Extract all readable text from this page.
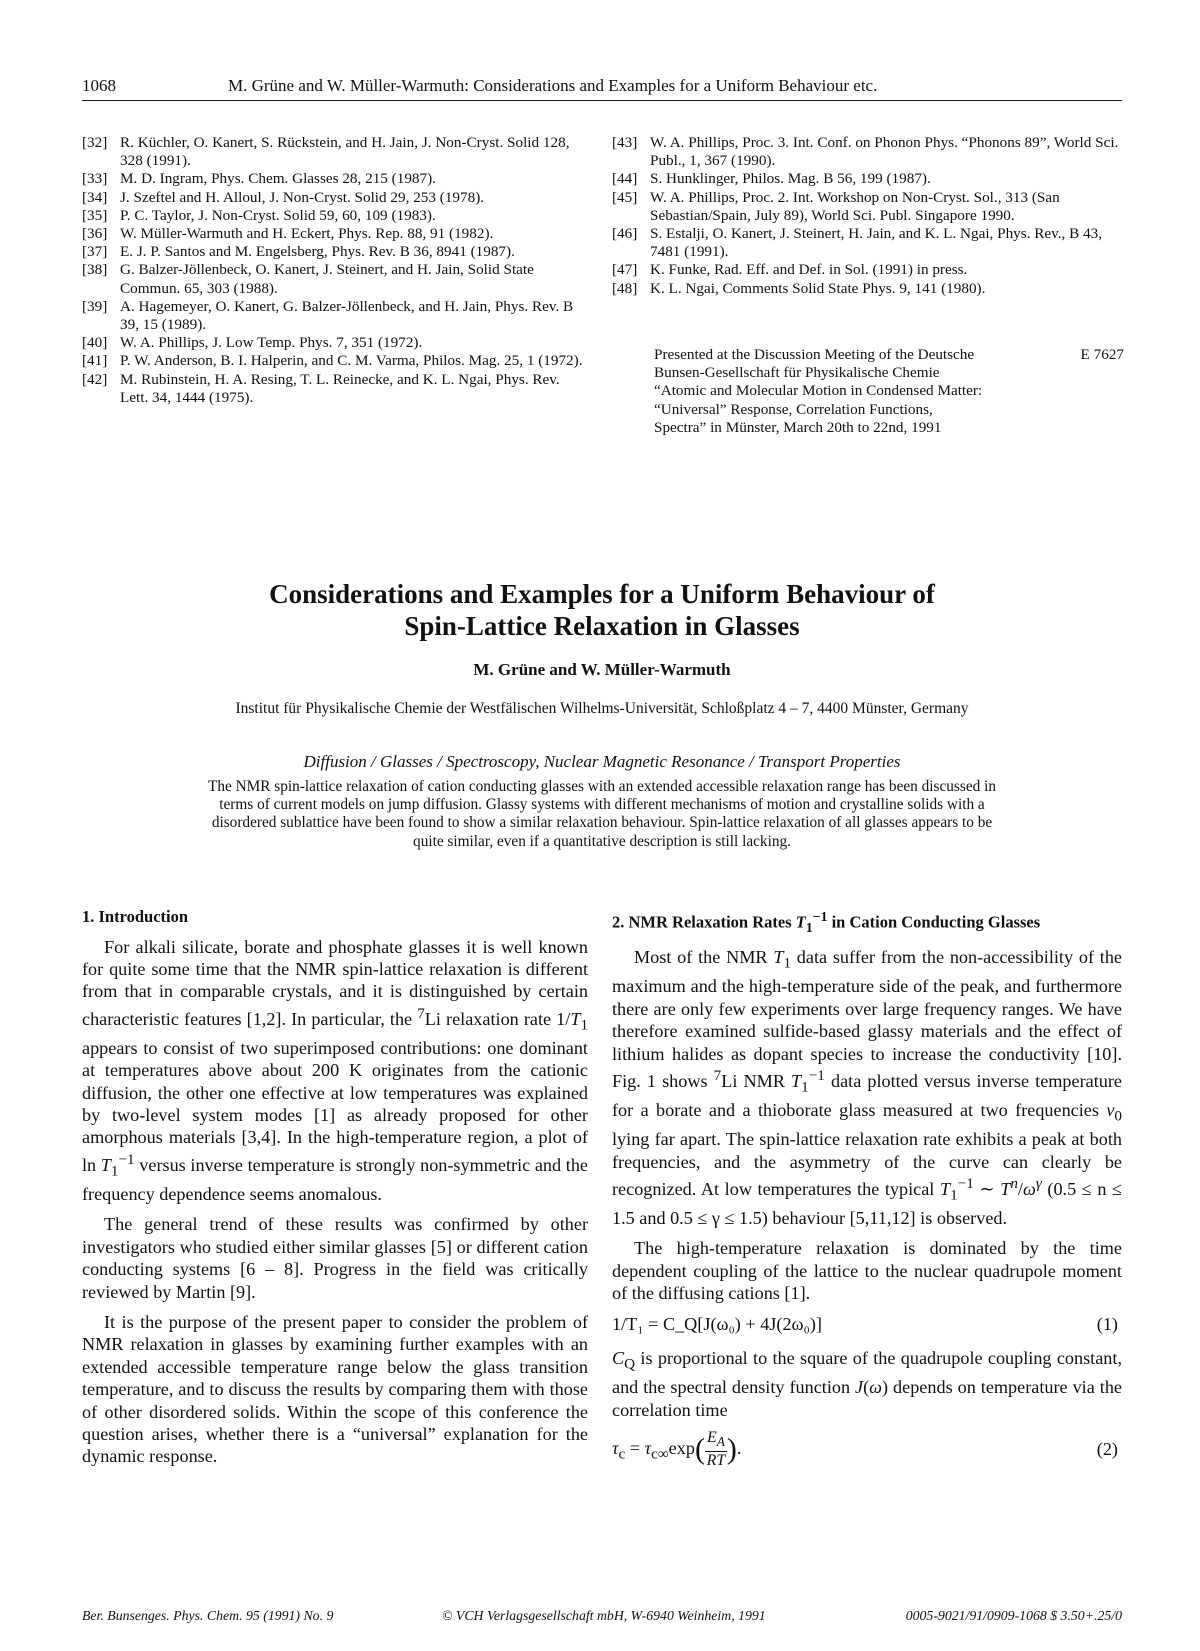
1068	M. Grüne and W. Müller-Warmuth: Considerations and Examples for a Uniform Behaviour etc.
[32] R. Küchler, O. Kanert, S. Rückstein, and H. Jain, J. Non-Cryst. Solid 128, 328 (1991).
[33] M. D. Ingram, Phys. Chem. Glasses 28, 215 (1987).
[34] J. Szeftel and H. Alloul, J. Non-Cryst. Solid 29, 253 (1978).
[35] P. C. Taylor, J. Non-Cryst. Solid 59, 60, 109 (1983).
[36] W. Müller-Warmuth and H. Eckert, Phys. Rep. 88, 91 (1982).
[37] E. J. P. Santos and M. Engelsberg, Phys. Rev. B 36, 8941 (1987).
[38] G. Balzer-Jöllenbeck, O. Kanert, J. Steinert, and H. Jain, Solid State Commun. 65, 303 (1988).
[39] A. Hagemeyer, O. Kanert, G. Balzer-Jöllenbeck, and H. Jain, Phys. Rev. B 39, 15 (1989).
[40] W. A. Phillips, J. Low Temp. Phys. 7, 351 (1972).
[41] P. W. Anderson, B. I. Halperin, and C. M. Varma, Philos. Mag. 25, 1 (1972).
[42] M. Rubinstein, H. A. Resing, T. L. Reinecke, and K. L. Ngai, Phys. Rev. Lett. 34, 1444 (1975).
[43] W. A. Phillips, Proc. 3. Int. Conf. on Phonon Phys. “Phonons 89”, World Sci. Publ., 1, 367 (1990).
[44] S. Hunklinger, Philos. Mag. B 56, 199 (1987).
[45] W. A. Phillips, Proc. 2. Int. Workshop on Non-Cryst. Sol., 313 (San Sebastian/Spain, July 89), World Sci. Publ. Singapore 1990.
[46] S. Estalji, O. Kanert, J. Steinert, H. Jain, and K. L. Ngai, Phys. Rev., B 43, 7481 (1991).
[47] K. Funke, Rad. Eff. and Def. in Sol. (1991) in press.
[48] K. L. Ngai, Comments Solid State Phys. 9, 141 (1980).
Presented at the Discussion Meeting of the Deutsche Bunsen-Gesellschaft für Physikalische Chemie “Atomic and Molecular Motion in Condensed Matter: “Universal” Response, Correlation Functions, Spectra” in Münster, March 20th to 22nd, 1991
E 7627
Considerations and Examples for a Uniform Behaviour of
Spin-Lattice Relaxation in Glasses
M. Grüne and W. Müller-Warmuth
Institut für Physikalische Chemie der Westfälischen Wilhelms-Universität, Schloßplatz 4 – 7, 4400 Münster, Germany
Diffusion / Glasses / Spectroscopy, Nuclear Magnetic Resonance / Transport Properties
The NMR spin-lattice relaxation of cation conducting glasses with an extended accessible relaxation range has been discussed in terms of current models on jump diffusion. Glassy systems with different mechanisms of motion and crystalline solids with a disordered sublattice have been found to show a similar relaxation behaviour. Spin-lattice relaxation of all glasses appears to be quite similar, even if a quantitative description is still lacking.
1. Introduction

For alkali silicate, borate and phosphate glasses it is well known for quite some time that the NMR spin-lattice relaxation is different from that in comparable crystals, and it is distinguished by certain characteristic features [1,2]. In particular, the $^7$Li relaxation rate $1/T_1$ appears to consist of two superimposed contributions: one dominant at temperatures above about 200 K originates from the cationic diffusion, the other one effective at low temperatures was explained by two-level system modes [1] as already proposed for other amorphous materials [3,4]. In the high-temperature region, a plot of $\ln T_1^{-1}$ versus inverse temperature is strongly non-symmetric and the frequency dependence seems anomalous.

The general trend of these results was confirmed by other investigators who studied either similar glasses [5] or different cation conducting systems [6 – 8]. Progress in the field was critically reviewed by Martin [9].

It is the purpose of the present paper to consider the problem of NMR relaxation in glasses by examining further examples with an extended accessible temperature range below the glass transition temperature, and to discuss the results by comparing them with those of other disordered solids. Within the scope of this conference the question arises, whether there is a “universal” explanation for the dynamic response.

2. NMR Relaxation Rates $T_1^{-1}$ in Cation Conducting Glasses

Most of the NMR $T_1$ data suffer from the non-accessibility of the maximum and the high-temperature side of the peak, and furthermore there are only few experiments over large frequency ranges. We have therefore examined sulfide-based glassy materials and the effect of lithium halides as dopant species to increase the conductivity [10]. Fig. 1 shows $^7$Li NMR $T_1^{-1}$ data plotted versus inverse temperature for a borate and a thioborate glass measured at two frequencies $\nu_0$ lying far apart. The spin-lattice relaxation rate exhibits a peak at both frequencies, and the asymmetry of the curve can clearly be recognized. At low temperatures the typical $T_1^{-1}$ ∼ $T^n/\omega^\gamma$ (0.5 ≤ n ≤ 1.5 and 0.5 ≤ γ ≤ 1.5) behaviour [5,11,12] is observed.

The high-temperature relaxation is dominated by the time dependent coupling of the lattice to the nuclear quadrupole moment of the diffusing cations [1].

1/T₁ = C_Q[J(ω₀) + 4J(2ω₀)]	(1)

$C_Q$ is proportional to the square of the quadrupole coupling constant, and the spectral density function J(ω) depends on temperature via the correlation time

$\tau_c = \tau_{c\infty}\exp( \frac{E_A}{RT}$ ).	(2)
Ber. Bunsenges. Phys. Chem. 95 (1991) No. 9	© VCH Verlagsgesellschaft mbH, W-6940 Weinheim, 1991	0005-9021/91/0909-1068 $ 3.50+.25/0
